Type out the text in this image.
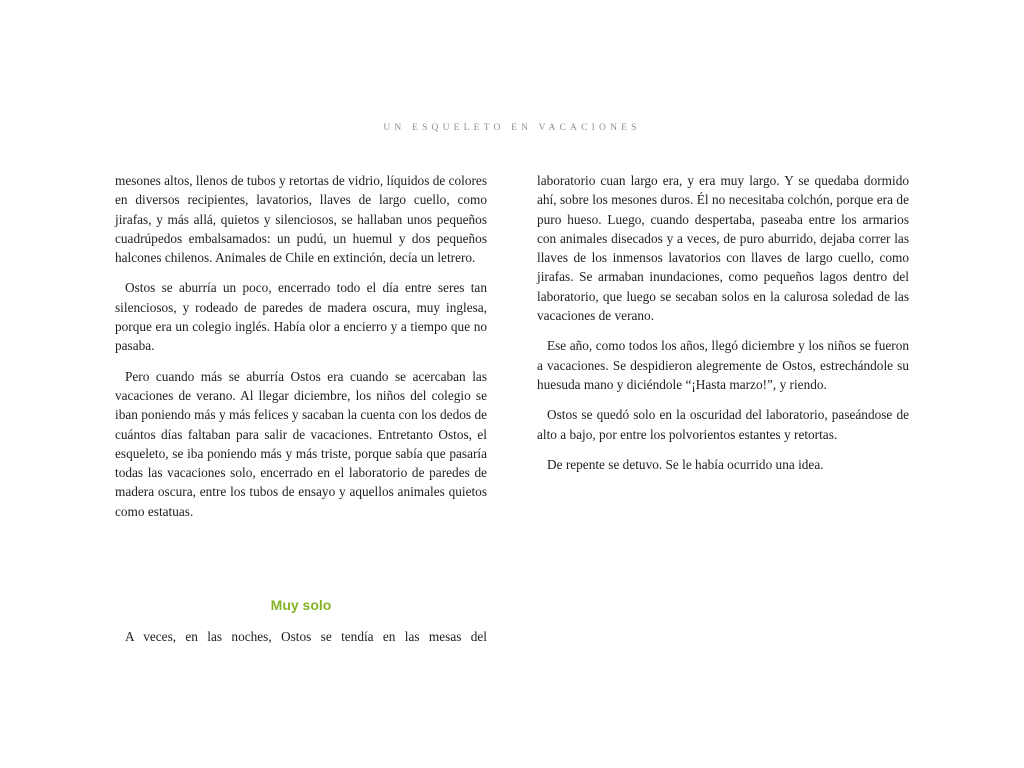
UN ESQUELETO EN VACACIONES

mesones altos, llenos de tubos y retortas de vidrio, líquidos de colores en diversos recipientes, lavatorios, llaves de largo cuello, como jirafas, y más allá, quietos y silenciosos, se hallaban unos pequeños cuadrúpedos embalsamados: un pudú, un huemul y dos pequeños halcones chilenos. Animales de Chile en extinción, decía un letrero.

Ostos se aburría un poco, encerrado todo el día entre seres tan silenciosos, y rodeado de paredes de madera oscura, muy inglesa, porque era un colegio inglés. Había olor a encierro y a tiempo que no pasaba.

Pero cuando más se aburría Ostos era cuando se acercaban las vacaciones de verano. Al llegar diciembre, los niños del colegio se iban poniendo más y más felices y sacaban la cuenta con los dedos de cuántos días faltaban para salir de vacaciones. Entretanto Ostos, el esqueleto, se iba poniendo más y más triste, porque sabía que pasaría todas las vacaciones solo, encerrado en el laboratorio de paredes de madera oscura, entre los tubos de ensayo y aquellos animales quietos como estatuas.

Muy solo

A veces, en las noches, Ostos se tendía en las mesas del

laboratorio cuan largo era, y era muy largo. Y se quedaba dormido ahí, sobre los mesones duros. Él no necesitaba colchón, porque era de puro hueso. Luego, cuando despertaba, paseaba entre los armarios con animales disecados y a veces, de puro aburrido, dejaba correr las llaves de los inmensos lavatorios con llaves de largo cuello, como jirafas. Se armaban inundaciones, como pequeños lagos dentro del laboratorio, que luego se secaban solos en la calurosa soledad de las vacaciones de verano.

Ese año, como todos los años, llegó diciembre y los niños se fueron a vacaciones. Se despidieron alegremente de Ostos, estrechándole su huesuda mano y diciéndole “¡Hasta marzo!”, y riendo.

Ostos se quedó solo en la oscuridad del laboratorio, paseándose de alto a bajo, por entre los polvorientos estantes y retortas.

De repente se detuvo. Se le había ocurrido una idea.
